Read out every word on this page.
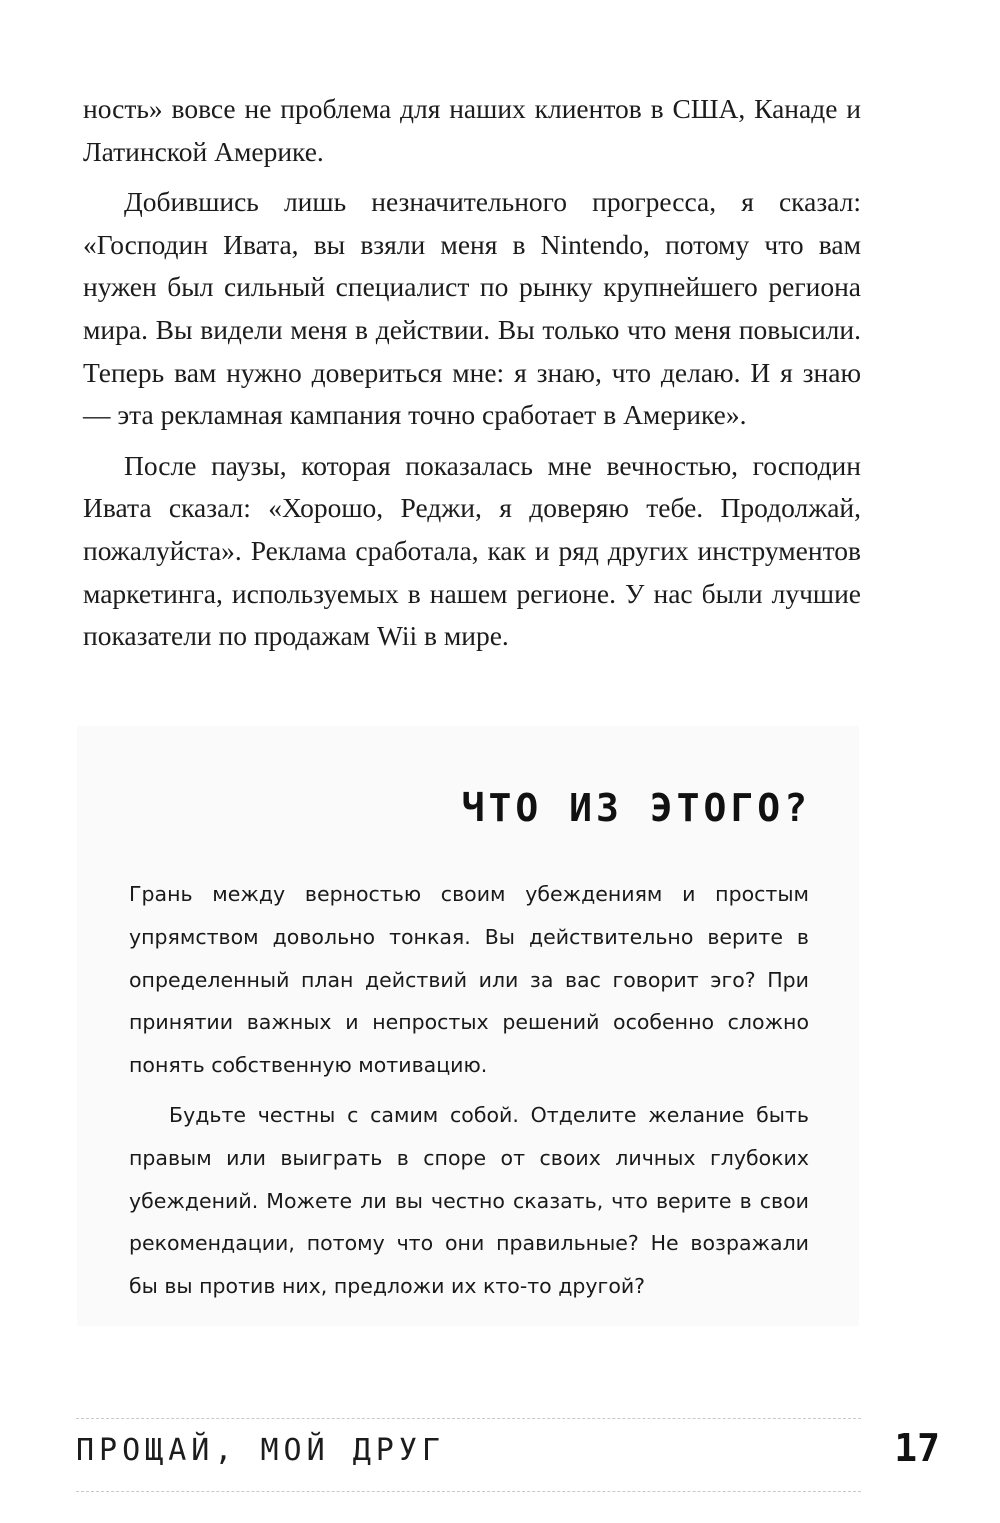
ность» вовсе не проблема для наших клиентов в США, Канаде и Латинской Америке.

Добившись лишь незначительного прогресса, я сказал: «Господин Ивата, вы взяли меня в Nintendo, потому что вам нужен был сильный специалист по рынку крупнейшего региона мира. Вы видели меня в действии. Вы только что меня повысили. Теперь вам нужно довериться мне: я знаю, что делаю. И я знаю — эта рекламная кампания точно сработает в Америке».

После паузы, которая показалась мне вечностью, господин Ивата сказал: «Хорошо, Реджи, я доверяю тебе. Продолжай, пожалуйста». Реклама сработала, как и ряд других инструментов маркетинга, используемых в нашем регионе. У нас были лучшие показатели по продажам Wii в мире.

ЧТО ИЗ ЭТОГО?

Грань между верностью своим убеждениям и простым упрямством довольно тонкая. Вы действительно верите в определенный план действий или за вас говорит эго? При принятии важных и непростых решений особенно сложно понять собственную мотивацию.

Будьте честны с самим собой. Отделите желание быть правым или выиграть в споре от своих личных глубоких убеждений. Можете ли вы честно сказать, что верите в свои рекомендации, потому что они правильные? Не возражали бы вы против них, предложи их кто-то другой?

ПРОЩАЙ, МОЙ ДРУГ	17
